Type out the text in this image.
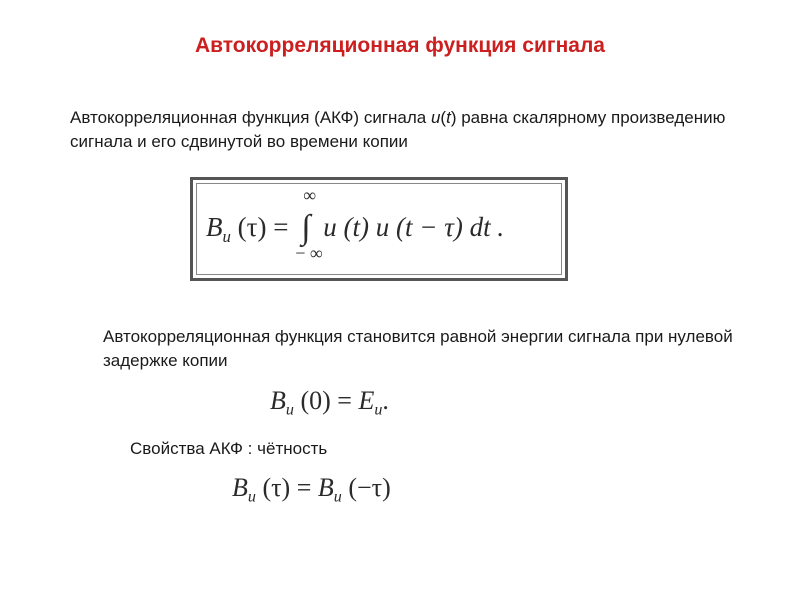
Автокорреляционная функция сигнала
Автокорреляционная функция (АКФ) сигнала u(t) равна скалярному произведению сигнала и его сдвинутой во времени копии
$B_u$ (τ) =
∞
∫
− ∞
u (t) u (t − τ) dt .
Автокорреляционная функция становится равной энергии сигнала при нулевой задержке копии
$B_u$ $(0) = E_u$.
Свойства АКФ : чётность
$B_u$ $(\tau) = B_u$ (−τ)
